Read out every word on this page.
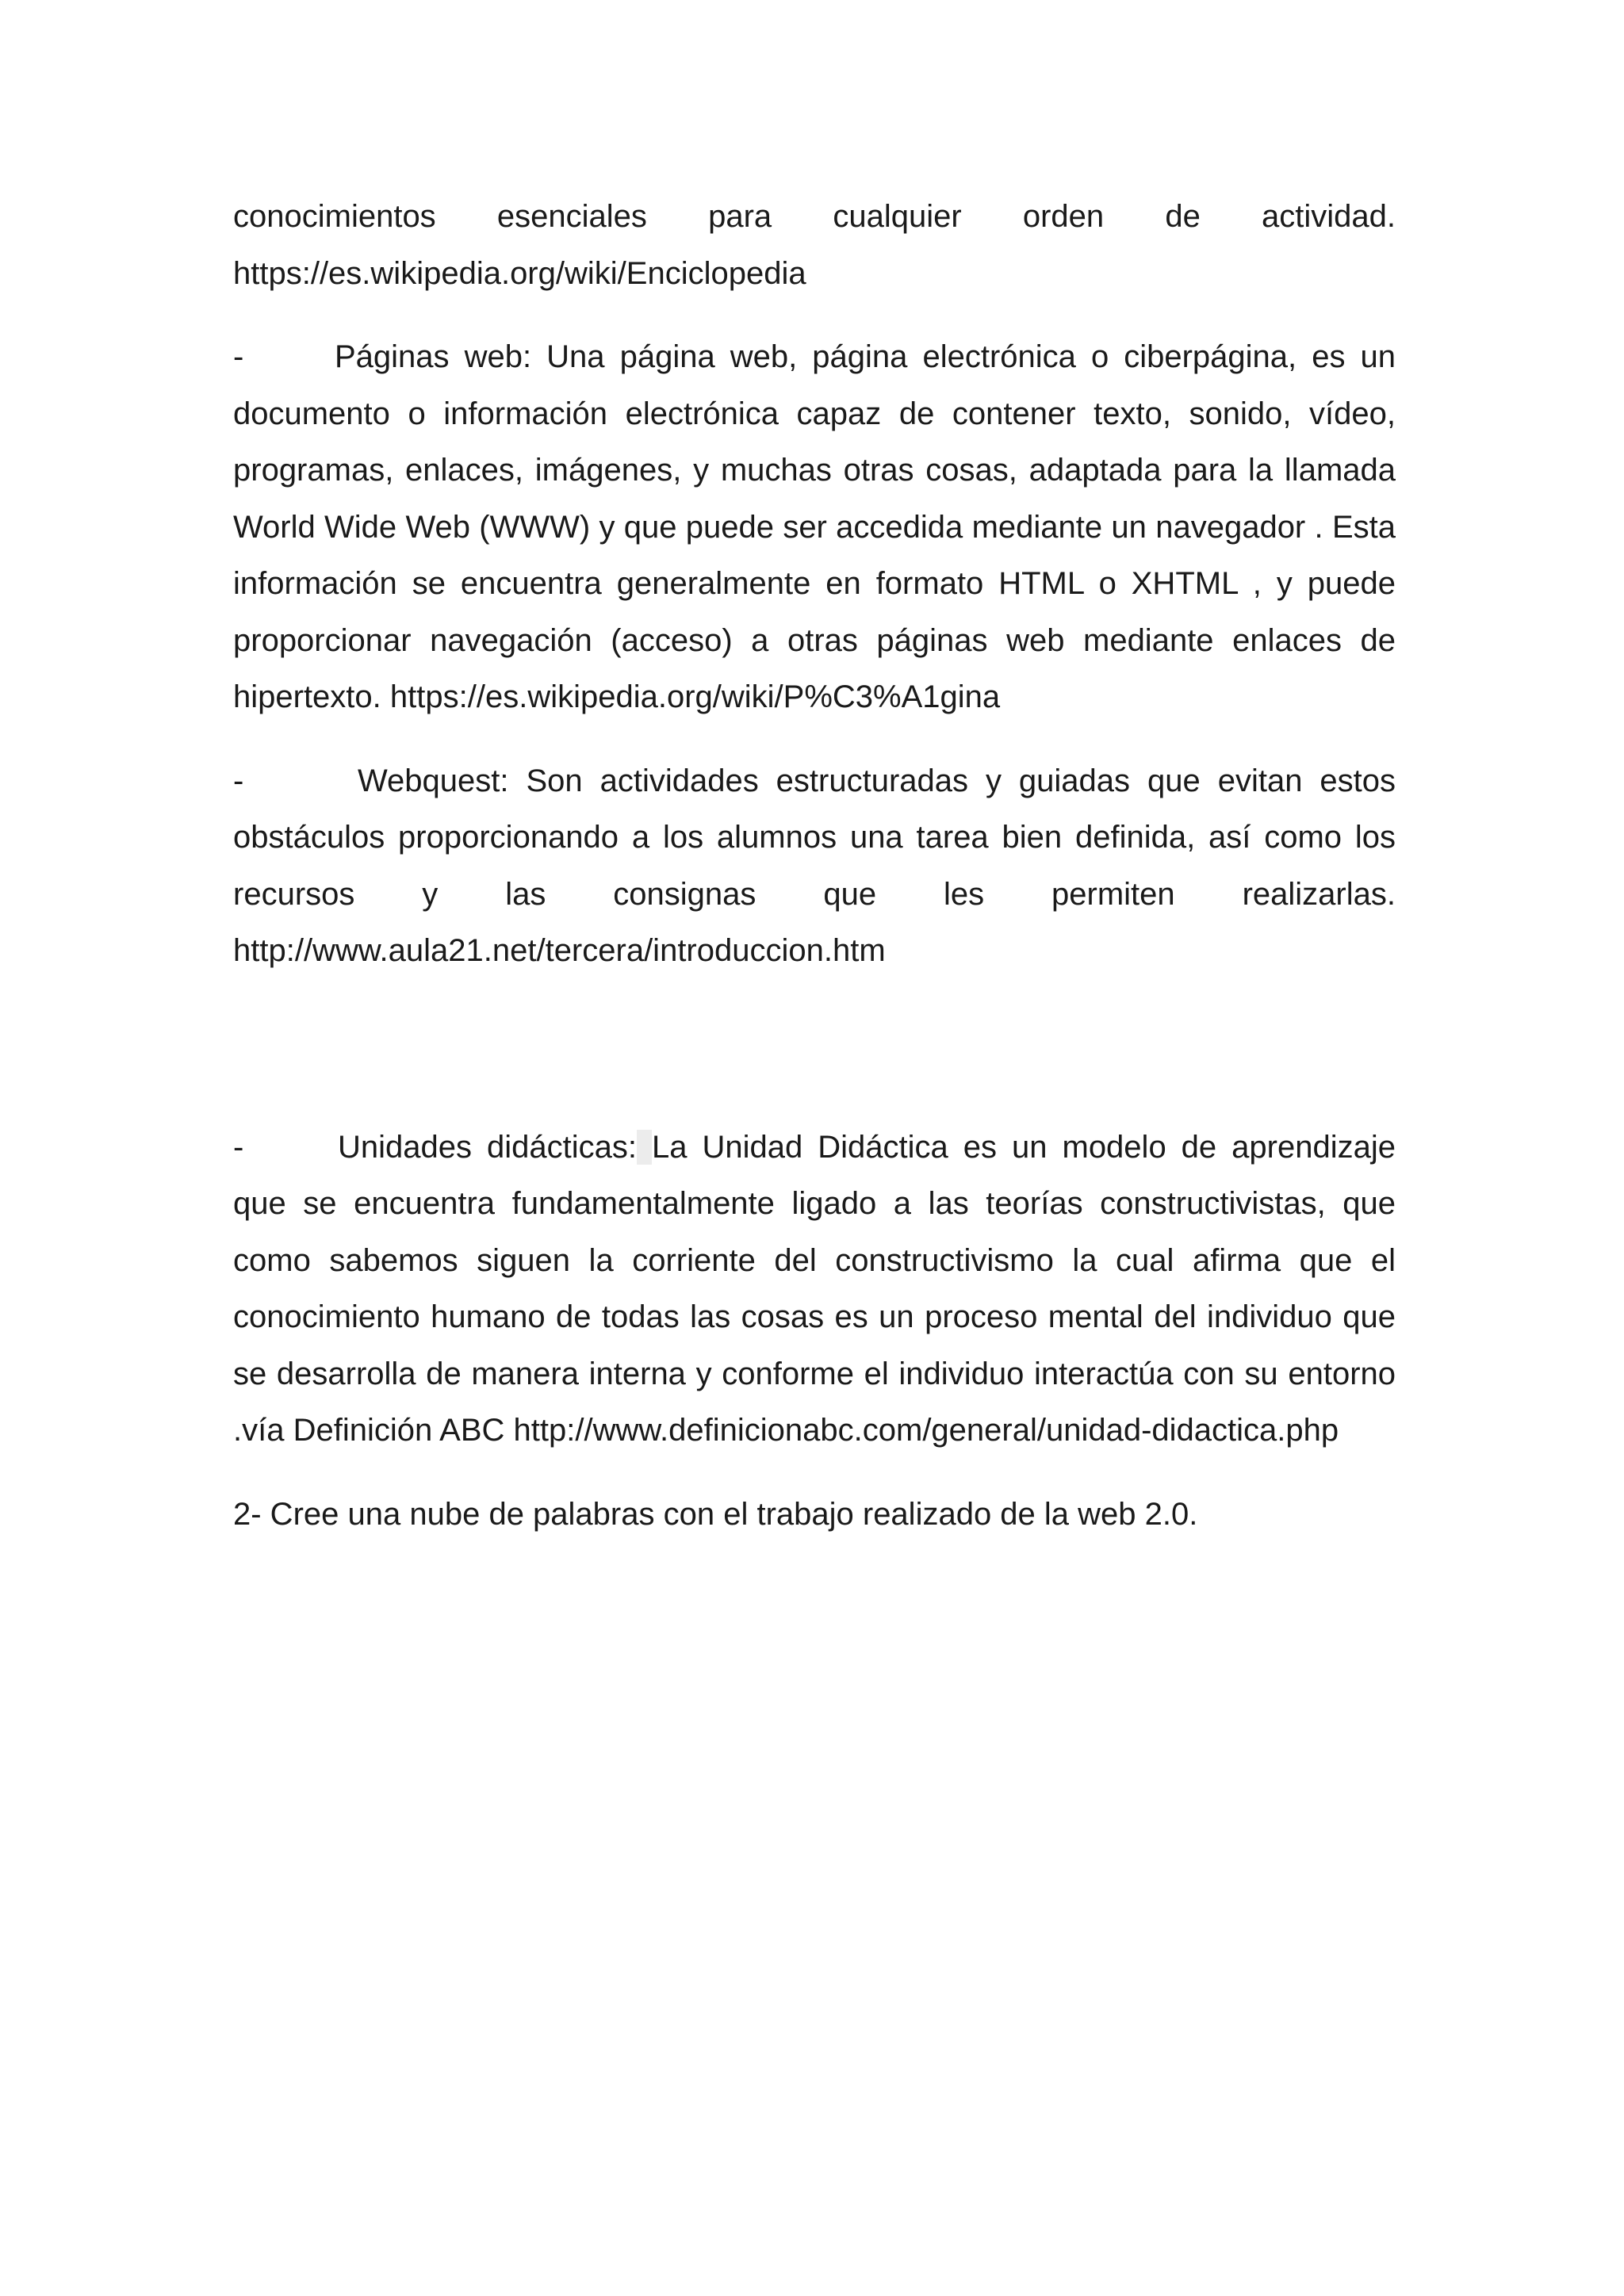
conocimientos esenciales para cualquier orden de actividad. https://es.wikipedia.org/wiki/Enciclopedia

-	Páginas web: Una página web, página electrónica o ciberpágina, es un documento o información electrónica capaz de contener texto, sonido, vídeo, programas, enlaces, imágenes, y muchas otras cosas, adaptada para la llamada World Wide Web (WWW) y que puede ser accedida mediante un navegador . Esta información se encuentra generalmente en formato HTML o XHTML , y puede proporcionar navegación (acceso) a otras páginas web mediante enlaces de hipertexto. https://es.wikipedia.org/wiki/P%C3%A1gina

-	Webquest: Son actividades estructuradas y guiadas que evitan estos obstáculos proporcionando a los alumnos una tarea bien definida, así como los recursos y las consignas que les permiten realizarlas. http://www.aula21.net/tercera/introduccion.htm

-	Unidades didácticas: La Unidad Didáctica es un modelo de aprendizaje que se encuentra fundamentalmente ligado a las teorías constructivistas, que como sabemos siguen la corriente del constructivismo la cual afirma que el conocimiento humano de todas las cosas es un proceso mental del individuo que se desarrolla de manera interna y conforme el individuo interactúa con su entorno .vía Definición ABC http://www.definicionabc.com/general/unidad-didactica.php

2- Cree una nube de palabras con el trabajo realizado de la web 2.0.
